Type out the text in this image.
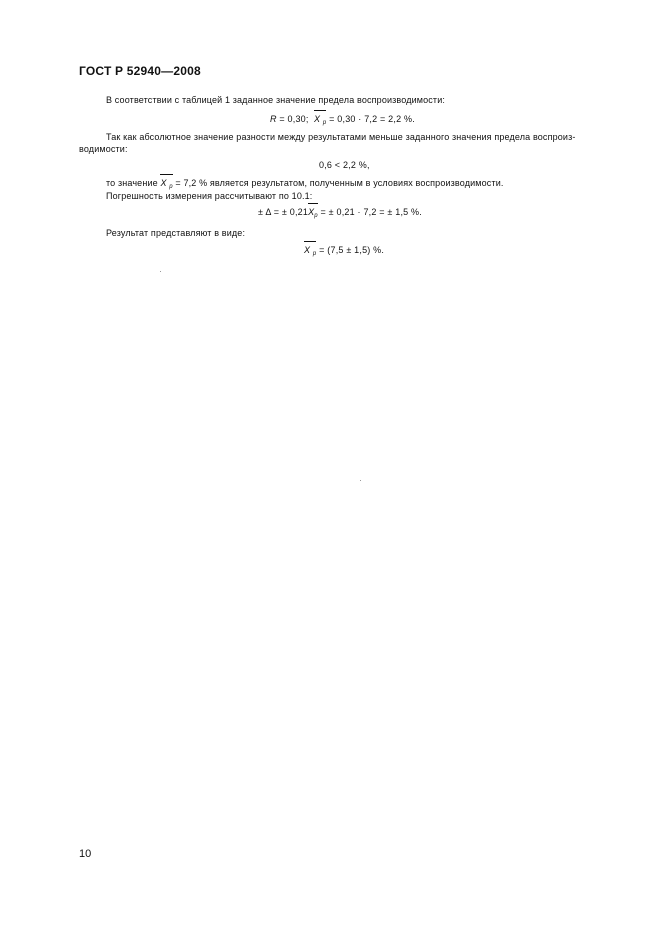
ГОСТ Р 52940—2008
В соответствии с таблицей 1 заданное значение предела воспроизводимости:
R = 0,30; X $_p$ = 0,30 · 7,2 = 2,2 %.
Так как абсолютное значение разности между результатами меньше заданного значения предела воспроиз-
водимости:
0,6 < 2,2 %,
то значение X $_p$ = 7,2 % является результатом, полученным в условиях воспроизводимости.
Погрешность измерения рассчитывают по 10.1:
± Δ = ± $0,21X_p$ = ± 0,21 · 7,2 = ± 1,5 %.
Результат представляют в виде:
X $_p$ = (7,5 ± 1,5) %.
10
